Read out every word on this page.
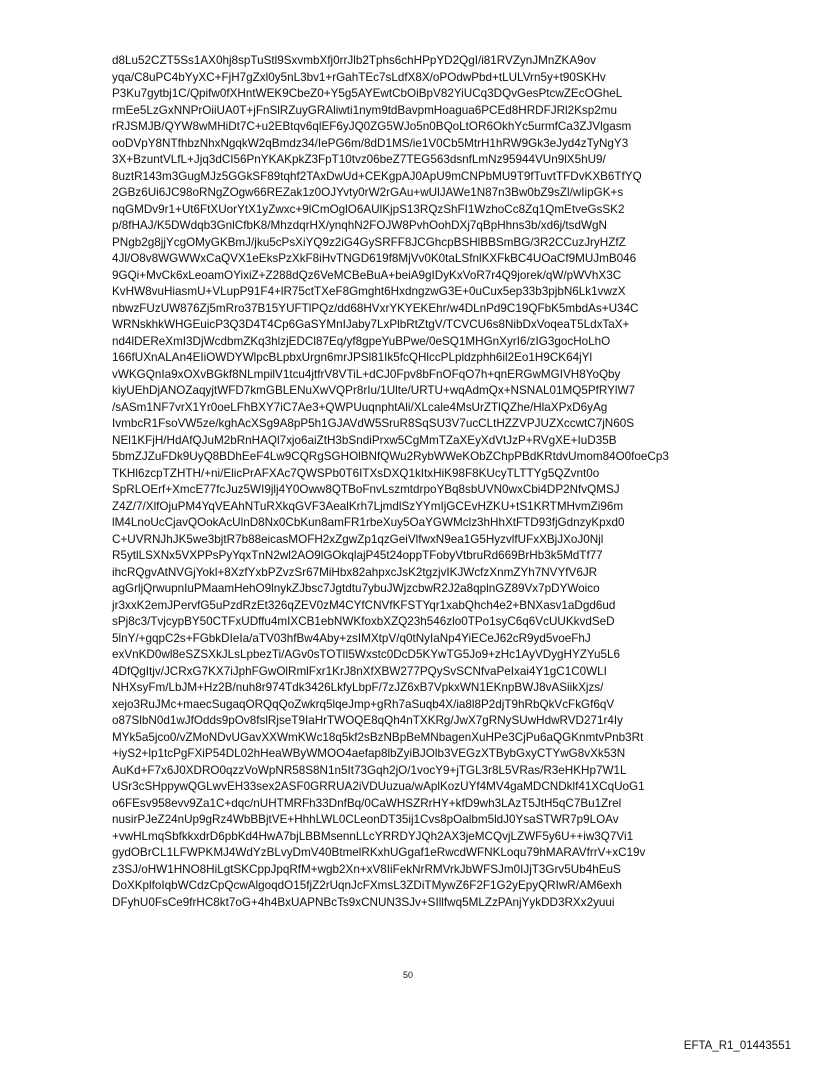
d8Lu52CZT5Ss1AX0hj8spTuStl9SxvmbXfj0rrJlb2Tphs6chHPpYD2QgI/i81RVZynJMnZKA9ov
yqa/C8uPC4bYyXC+FjH7gZxl0y5nL3bv1+rGahTEc7sLdfX8X/oPOdwPbd+tLULVrn5y+t90SKHv
P3Ku7gytbj1C/Qpifw0fXHntWEK9CbeZ0+Y5g5AYEwtCbOiBpV82YiUCq3DQvGesPtcwZEcOGheL
rmEe5LzGxNNPrOiiUA0T+jFnSlRZuyGRAliwti1nym9tdBavpmHoagua6PCEd8HRDFJRl2Ksp2mu
rRJSMJB/QYW8wMHiDt7C+u2EBtqv6qlEF6yJQ0ZG5WJo5n0BQoLtOR6OkhYc5urmfCa3ZJVlgasm
ooDVpY8NTfhbzNhxNgqkW2qBmdz34/IePG6m/8dD1MS/ie1V0Cb5MtrH1hRW9Gk3eJyd4zTyNgY3
3X+BzuntVLfL+Jjq3dCI56PnYKAKpkZ3FpT10tvz06beZ7TEG563dsnfLmNz95944VUn9lX5hU9/
8uztR143m3GugMJz5GGkSF89tqhf2TAxDwUd+CEKgpAJ0ApU9mCNPbMU9T9fTuvtTFDvKXB6TfYQ
2GBz6Ui6JC98oRNgZOgw66REZak1z0OJYvty0rW2rGAu+wUlJAWe1N87n3Bw0bZ9sZl/wIipGK+s
nqGMDv9r1+Ut6FtXUorYtX1yZwxc+9lCmOglO6AUlKjpS13RQzShFI1WzhoCc8Zq1QmEtveGsSK2
p/8fHAJ/K5DWdqb3GnlCfbK8/MhzdqrHX/ynqhN2FOJW8PvhOohDXj7qBpHhns3b/xd6j/tsdWgN
PNgb2g8jjYcgOMyGKBmJ/jku5cPsXiYQ9z2iG4GySRFF8JCGhcpBSHlBBSmBG/3R2CCuzJryHZfZ
4Jl/O8v8WGWWxCaQVX1eEksPzXkF8iHvTNGD619f8MjVv0K0taLSfnlKXFkBC4UOaCf9MUJmB046
9GQi+MvCk6xLeoamOYixiZ+Z288dQz6VeMCBeBuA+beiA9gIDyKxVoR7r4Q9jorek/qW/pWVhX3C
KvHW8vuHiasmU+VLupP91F4+lR75ctTXeF8Gmght6HxdngzwG3E+0uCux5ep33b3pjbN6Lk1vwzX
nbwzFUzUW876Zj5mRro37B15YUFTlPQz/dd68HVxrYKYEKEhr/w4DLnPd9C19QFbK5mbdAs+U34C
WRNskhkWHGEuicP3Q3D4T4Cp6GaSYMnIJaby7LxPlbRtZtgV/TCVCU6s8NibDxVoqeaT5LdxTaX+
nd4lDEReXmI3DjWcdbmZKq3hlzjEDCl87Eq/yf8gpeYuBPwe/0eSQ1MHGnXyrI6/zIG3gocHoLhO
166fUXnALAn4EIiOWDYWlpcBLpbxUrgn6mrJPSl81Ik5fcQHlccPLpldzphh6il2Eo1H9CK64jYl
vWKGQnIa9xOXvBGkf8NLmpilV1tcu4jtfrV8VTiL+dCJ0Fpv8bFnOFqO7h+qnERGwMGIVH8YoQby
kiyUEhDjANOZaqyjtWFD7kmGBLENuXwVQPr8rIu/1Ulte/URTU+wqAdmQx+NSNAL01MQ5PfRYlW7
/sASm1NF7vrX1Yr0oeLFhBXY7iC7Ae3+QWPUuqnphtAli/XLcale4MsUrZTlQZhe/HlaXPxD6yAg
IvmbcR1FsoVW5ze/kghAcXSg9A8pP5h1GJAVdW5SruR8SqSU3V7ucCLtHZZVPJUZXccwtC7jN60S
NEl1KFjH/HdAfQJuM2bRnHAQl7xjo6aiZtH3bSndiPrxw5CgMmTZaXEyXdVtJzP+RVgXE+IuD35B
5bmZJZuFDk9UyQ8BDhEeF4Lw9CQRgSGHOlBNfQWu2RybWWeKObZChpPBdKRtdvUmom84O0foeCp3
TKHl6zcpTZHTH/+ni/ElicPrAFXAc7QWSPb0T6ITXsDXQ1kItxHiK98F8KUcyTLTTYg5QZvnt0o
SpRLOErf+XmcE77fcJuz5WI9jlj4Y0Oww8QTBoFnvLszmtdrpoYBq8sbUVN0wxCbi4DP2NfvQMSJ
Z4Z/7/XlfOjuPM4YqVEAhNTuRXkqGVF3AealKrh7LjmdlSzYYmIjGCEvHZKU+tS1KRTMHvmZi96m
lM4LnoUcCjavQOokAcUlnD8Nx0CbKun8amFR1rbeXuy5OaYGWMclz3hHhXtFTD93fjGdnzyKpxd0
C+UVRNJhJK5we3bjtR7b88eicasMOFH2xZgwZp1qzGeiVlfwxN9ea1G5HyzvlfUFxXBjJXoJ0Njl
R5ytlLSXNx5VXPPsPyYqxTnN2wl2AO9lGOkqlajP45t24oppTFobyVtbruRd669BrHb3k5MdTf77
ihcRQgvAtNVGjYokl+8XzfYxbPZvzSr67MiHbx82ahpxcJsK2tgzjvIKJWcfzXnmZYh7NVYfV6JR
agGrljQrwupnIuPMaamHehO9lnykZJbsc7Jgtdtu7ybuJWjzcbwR2J2a8qplnGZ89Vx7pDYWoico
jr3xxK2emJPervfG5uPzdRzEt326qZEV0zM4CYfCNVfKFSTYqr1xabQhch4e2+BNXasv1aDgd6ud
sPj8c3/TvjcypBY50CTFxUDffu4mIXCB1ebNWKfoxbXZQ23h546zlo0TPo1syC6q6VcUUKkvdSeD
5lnY/+gqpC2s+FGbkDIeIa/aTV03hfBw4Aby+zsIMXtpV/q0tNyIaNp4YiECeJ62cR9yd5voeFhJ
exVnKD0wl8eSZSXkJLsLpbezTi/AGv0sTOTlI5Wxstc0DcD5KYwTG5Jo9+zHc1AyVDygHYZYu5L6
4DfQgItjv/JCRxG7KX7iJphFGwOlRmlFxr1KrJ8nXfXBW277PQySvSCNfvaPeIxai4Y1gC1C0WLI
NHXsyFm/LbJM+Hz2B/nuh8r974Tdk3426LkfyLbpF/7zJZ6xB7VpkxWN1EKnpBWJ8vASiikXjzs/
xejo3RuJMc+maecSugaqORQqQoZwkrq5lqeJmp+gRh7aSuqb4X/ia8l8P2djT9hRbQkVcFkGf6qV
o87SlbN0d1wJfOdds9pOv8fslRjseT9IaHrTWOQE8qQh4nTXKRg/JwX7gRNySUwHdwRVD271r4Iy
MYk5a5jco0/vZMoNDvUGavXXWmKWc18q5kf2sBzNBpBeMNbagenXuHPe3CjPu6aQGKnmtvPnb3Rt
+iyS2+lp1tcPgFXiP54DL02hHeaWByWMOO4aefap8lbZyiBJOlb3VEGzXTBybGxyCTYwG8vXk53N
AuKd+F7x6J0XDRO0qzzVoWpNR58S8N1n5It73Gqh2jO/1vocY9+jTGL3r8L5VRas/R3eHKHp7W1L
USr3cSHppywQGLwvEH33sex2ASF0GRRUA2iVDUuzua/wAplKozUYf4MV4gaMDCNDklf41XCqUoG1
o6FEsv958evv9Za1C+dqc/nUHTMRFh33DnfBq/0CaWHSZRrHY+kfD9wh3LAzT5JtH5qC7Bu1Zrel
nusirPJeZ24nUp9gRz4WbBBjtVE+HhhLWL0CLeonDT35ij1Cvs8pOalbm5ldJ0YsaSTWR7p9LOAv
+vwHLmqSbfkkxdrD6pbKd4HwA7bjLBBMsennLLcYRRDYJQh2AX3jeMCQvjLZWF5y6U++iw3Q7Vi1
gydOBrCL1LFWPKMJ4WdYzBLvyDmV40BtmelRKxhUGgaf1eRwcdWFNKLoqu79hMARAVfrrV+xC19v
z3SJ/oHW1HNO8HiLgtSKCppJpqRfM+wgb2Xn+xV8IiFekNrRMVrkJbWFSJm0IJjT3Grv5Ub4hEuS
DoXKplfoIqbWCdzCpQcwAlgoqdO15fjZ2rUqnJcFXmsL3ZDiTMywZ6F2F1G2yEpyQRIwR/AM6exh
DFyhU0FsCe9frHC8kt7oG+4h4BxUAPNBcTs9xCNUN3SJv+SIllfwq5MLZzPAnjYykDD3RXx2yuui
50
EFTA_R1_01443551
